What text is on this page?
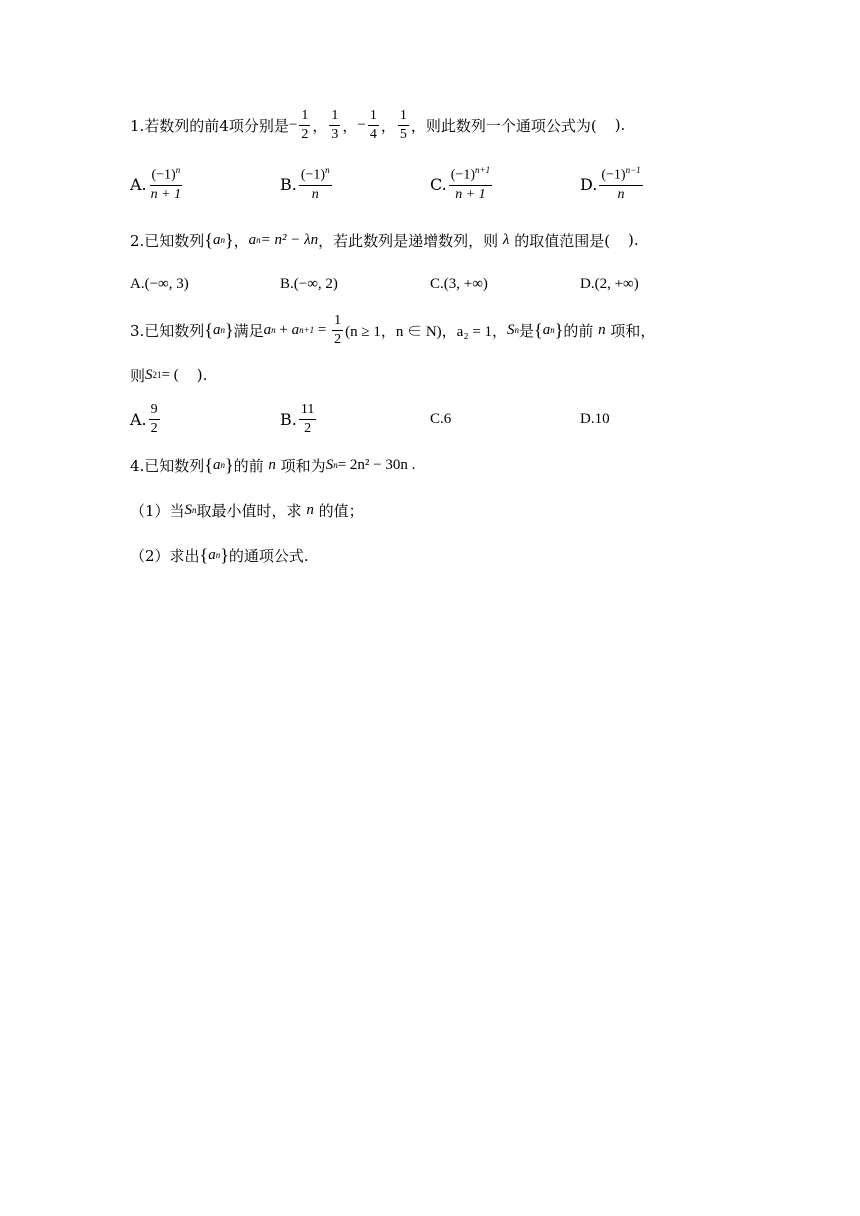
1.若数列的前4项分别是 − $\frac{1}{2}$ ， $\frac{1}{3}$ ， − $\frac{1}{4}$ ， $\frac{1}{5}$ ，则此数列一个通项公式为( ).
A. $\frac{(-1)^n}{n + 1}$	B. $\frac{(-1)^n}{n}$	C. $\frac{(-1)^{n+1}}{n + 1}$	D. $\frac{(-1)^{n-1}}{n}$
2.已知数列 { a n } ， a n = n² − λn ，若此数列是递增数列，则
λ
的取值范围是( ).
A. (−∞, 3)	B. (−∞, 2)	C. (3, +∞)	D. (2, +∞)
3.已知数列 { a n } 满足 a n + a $n+1 = \frac{1}{2} (n \ge 1$，n ∈ N)，a₂ = 1， S n 是 { a n } 的前
n
项和，
则 S 21 = ( ).
A. $\frac{9}{2}$	B. $\frac{11}{2}$	C. 6	D. 10
4.已知数列 { a n } 的前
n
项和为 S n = 2n² − 30n .
（1）当 S n 取最小值时，求
n
的值；
（2）求出 { a n } 的通项公式.
